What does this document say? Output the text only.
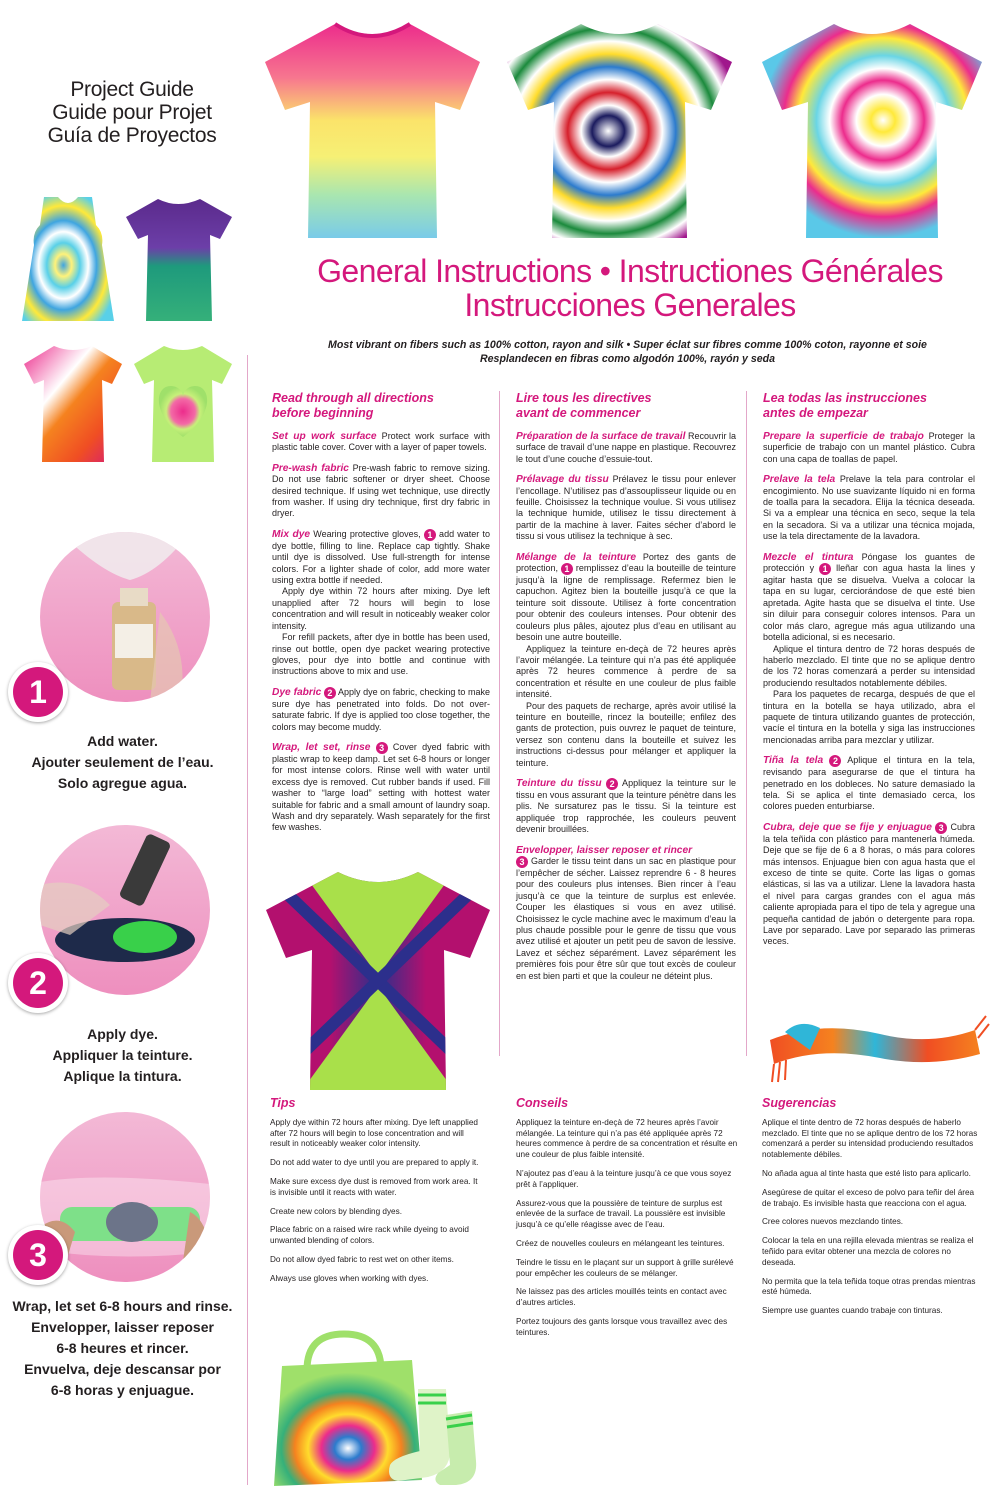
Project Guide
Guide pour Projet
Guía de Proyectos
1
Add water.
Ajouter seulement de l’eau.
Solo agregue agua.
2
Apply dye.
Appliquer la teinture.
Aplique la tintura.
3
Wrap, let set 6-8 hours and rinse.
Envelopper, laisser reposer
6-8 heures et rincer.
Envuelva, deje descansar por
6-8 horas y enjuague.
General Instructions • Instructiones Générales
Instrucciones Generales
Most vibrant on fibers such as 100% cotton, rayon and silk • Super éclat sur fibres comme 100% coton, rayonne et soie
Resplandecen en fibras como algodón 100%, rayón y seda
Read through all directions
before beginning
Set up work surface Protect work surface with plastic table cover. Cover with a layer of paper towels.
Pre-wash fabric Pre-wash fabric to remove sizing. Do not use fabric softener or dryer sheet. Choose desired technique. If using wet technique, use directly from washer. If using dry technique, first dry fabric in dryer.

Mix dye Wearing protective gloves, 1 add water to dye bottle, filling to line. Replace cap tightly. Shake until dye is dissolved. Use full-strength for intense colors. For a lighter shade of color, add more water using extra bottle if needed.

Apply dye within 72 hours after mixing. Dye left unapplied after 72 hours will begin to lose concentration and will result in noticeably weaker color intensity.

For refill packets, after dye in bottle has been used, rinse out bottle, open dye packet wearing protective gloves, pour dye into bottle and continue with instructions above to mix and use.

Dye fabric 2 Apply dye on fabric, checking to make sure dye has penetrated into folds. Do not over-saturate fabric. If dye is applied too close together, the colors may become muddy.
Wrap, let set, rinse 3 Cover dyed fabric with plastic wrap to keep damp. Let set 6-8 hours or longer for most intense colors. Rinse well with water until excess dye is removed. Cut rubber bands if used. Fill washer to “large load” setting with hottest water suitable for fabric and a small amount of laundry soap. Wash and dry separately. Wash separately for the first few washes.
Lire tous les directives
avant de commencer
Préparation de la surface de travail Recouvrir la surface de travail d’une nappe en plastique. Recouvrez le tout d’une couche d’essuie-tout.
Prélavage du tissu Prélavez le tissu pour enlever l’encollage. N’utilisez pas d’assouplisseur liquide ou en feuille. Choisissez la technique voulue. Si vous utilisez la technique humide, utilisez le tissu directement à partir de la machine à laver. Faites sécher d’abord le tissu si vous utilisez la technique à sec.

Mélange de la teinture Portez des gants de protection, 1 remplissez d’eau la bouteille de teinture jusqu’à la ligne de remplissage. Refermez bien le capuchon. Agitez bien la bouteille jusqu’à ce que la teinture soit dissoute. Utilisez à forte concentration pour obtenir des couleurs intenses. Pour obtenir des couleurs plus pâles, ajoutez plus d’eau en utilisant au besoin une autre bouteille.

Appliquez la teinture en-deçà de 72 heures après l’avoir mélangée. La teinture qui n’a pas été appliquée après 72 heures commence à perdre de sa concentration et résulte en une couleur de plus faible intensité.

Pour des paquets de recharge, après avoir utilisé la teinture en bouteille, rincez la bouteille; enfilez des gants de protection, puis ouvrez le paquet de teinture, versez son contenu dans la bouteille et suivez les instructions ci-dessus pour mélanger et appliquer la teinture.

Teinture du tissu 2 Appliquez la teinture sur le tissu en vous assurant que la teinture pénètre dans les plis. Ne sursaturez pas le tissu. Si la teinture est appliquée trop rapprochée, les couleurs peuvent devenir brouillées.
Envelopper, laisser reposer et rincer
3 Garder le tissu teint dans un sac en plastique pour l’empêcher de sécher. Laissez reprendre 6 - 8 heures pour des couleurs plus intenses. Bien rincer à l’eau jusqu’à ce que la teinture de surplus est enlevée. Couper les élastiques si vous en avez utilisé. Choisissez le cycle machine avec le maximum d’eau la plus chaude possible pour le genre de tissu que vous avez utilisé et ajouter un petit peu de savon de lessive. Lavez et séchez séparément. Lavez séparément les premières fois pour être sûr que tout excès de couleur en est bien parti et que la couleur ne déteint plus.
Lea todas las instrucciones
antes de empezar
Prepare la superficie de trabajo Proteger la superficie de trabajo con un mantel plástico. Cubra con una capa de toallas de papel.
Prelave la tela Prelave la tela para controlar el encogimiento. No use suavizante líquido ni en forma de toalla para la secadora. Elija la técnica deseada. Si va a emplear una técnica en seco, seque la tela en la secadora. Si va a utilizar una técnica mojada, use la tela directamente de la lavadora.

Mezcle el tintura Póngase los guantes de protección y 1 lleñar con agua hasta la lines y agitar hasta que se disuelva. Vuelva a colocar la tapa en su lugar, cerciorándose de que esté bien apretada. Agite hasta que se disuelva el tinte. Use sin diluir para conseguir colores intensos. Para un color más claro, agregue más agua utilizando una botella adicional, si es necesario.

Aplique el tintura dentro de 72 horas después de haberlo mezclado. El tinte que no se aplique dentro de los 72 horas comenzará a perder su intensidad produciendo resultados notablemente débiles.

Para los paquetes de recarga, después de que el tintura en la botella se haya utilizado, abra el paquete de tintura utilizando guantes de protección, vacíe el tintura en la botella y siga las instrucciones mencionadas arriba para mezclar y utilizar.

Tiña la tela 2 Aplique el tintura en la tela, revisando para asegurarse de que el tintura ha penetrado en los dobleces. No sature demasiado la tela. Si se aplica el tinte demasiado cerca, los colores pueden enturbiarse.
Cubra, deje que se fije y enjuague 3 Cubra la tela teñida con plástico para mantenerla húmeda. Deje que se fije de 6 a 8 horas, o más para colores más intensos. Enjuague bien con agua hasta que el exceso de tinte se quite. Corte las ligas o gomas elásticas, si las va a utilizar. Llene la lavadora hasta el nivel para cargas grandes con el agua más caliente apropiada para el tipo de tela y agregue una pequeña cantidad de jabón o detergente para ropa. Lave por separado. Lave por separado las primeras veces.
Tips

Apply dye within 72 hours after mixing. Dye left unapplied after 72 hours will begin to lose concentration and will result in noticeably weaker color intensity.

Do not add water to dye until you are prepared to apply it.

Make sure excess dye dust is removed from work area. It is invisible until it reacts with water.

Create new colors by blending dyes.

Place fabric on a raised wire rack while dyeing to avoid unwanted blending of colors.

Do not allow dyed fabric to rest wet on other items.

Always use gloves when working with dyes.

Conseils

Appliquez la teinture en-deçà de 72 heures après l’avoir mélangée. La teinture qui n’a pas été appliquée après 72 heures commence à perdre de sa concentration et résulte en une couleur de plus faible intensité.

N’ajoutez pas d’eau à la teinture jusqu’à ce que vous soyez prêt à l’appliquer.

Assurez-vous que la poussière de teinture de surplus est enlevée de la surface de travail. La poussière est invisible jusqu’à ce qu’elle réagisse avec de l’eau.

Créez de nouvelles couleurs en mélangeant les teintures.

Teindre le tissu en le plaçant sur un support à grille surélevé pour empêcher les couleurs de se mélanger.

Ne laissez pas des articles mouillés teints en contact avec d’autres articles.

Portez toujours des gants lorsque vous travaillez avec des teintures.

Sugerencias

Aplique el tinte dentro de 72 horas después de haberlo mezclado. El tinte que no se aplique dentro de los 72 horas comenzará a perder su intensidad produciendo resultados notablemente débiles.

No añada agua al tinte hasta que esté listo para aplicarlo.

Asegúrese de quitar el exceso de polvo para teñir del área de trabajo. Es invisible hasta que reacciona con el agua.

Cree colores nuevos mezclando tintes.

Colocar la tela en una rejilla elevada mientras se realiza el teñido para evitar obtener una mezcla de colores no deseada.

No permita que la tela teñida toque otras prendas mientras esté húmeda.

Siempre use guantes cuando trabaje con tinturas.
